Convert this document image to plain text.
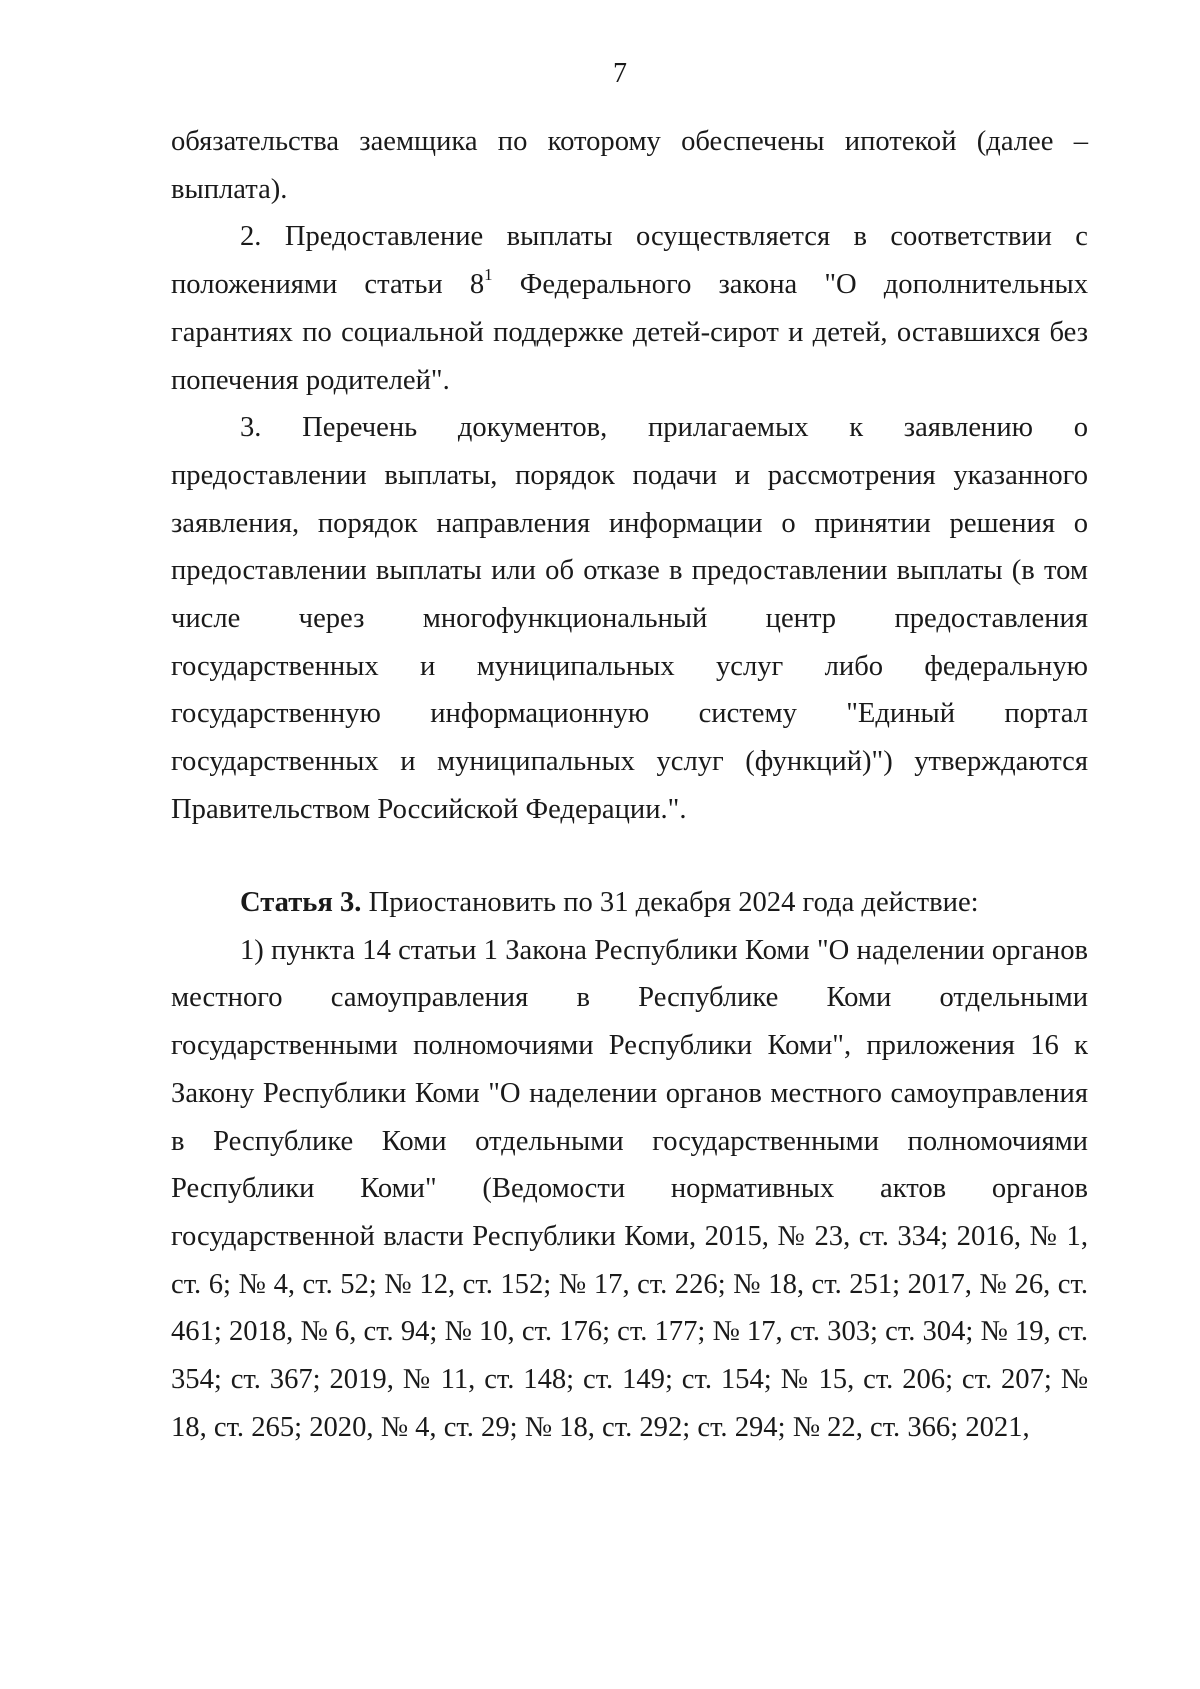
7

обязательства заемщика по которому обеспечены ипотекой (далее – выплата).

2. Предоставление выплаты осуществляется в соответствии с положениями статьи $8^1$ Федерального закона "О дополнительных гарантиях по социальной поддержке детей-сирот и детей, оставшихся без попечения родителей".

3. Перечень документов, прилагаемых к заявлению о предоставлении выплаты, порядок подачи и рассмотрения указанного заявления, порядок направления информации о принятии решения о предоставлении выплаты или об отказе в предоставлении выплаты (в том числе через многофункциональный центр предоставления государственных и муниципальных услуг либо федеральную государственную информационную систему "Единый портал государственных и муниципальных услуг (функций)") утверждаются Правительством Российской Федерации.".

Статья 3. Приостановить по 31 декабря 2024 года действие:

1) пункта 14 статьи 1 Закона Республики Коми "О наделении органов местного самоуправления в Республике Коми отдельными государственными полномочиями Республики Коми", приложения 16 к Закону Республики Коми "О наделении органов местного самоуправления в Республике Коми отдельными государственными полномочиями Республики Коми" (Ведомости нормативных актов органов государственной власти Республики Коми, 2015, № 23, ст. 334; 2016, № 1, ст. 6; № 4, ст. 52; № 12, ст. 152; № 17, ст. 226; № 18, ст. 251; 2017, № 26, ст. 461; 2018, № 6, ст. 94; № 10, ст. 176; ст. 177; № 17, ст. 303; ст. 304; № 19, ст. 354; ст. 367; 2019, № 11, ст. 148; ст. 149; ст. 154; № 15, ст. 206; ст. 207; № 18, ст. 265; 2020, № 4, ст. 29; № 18, ст. 292; ст. 294; № 22, ст. 366; 2021,
